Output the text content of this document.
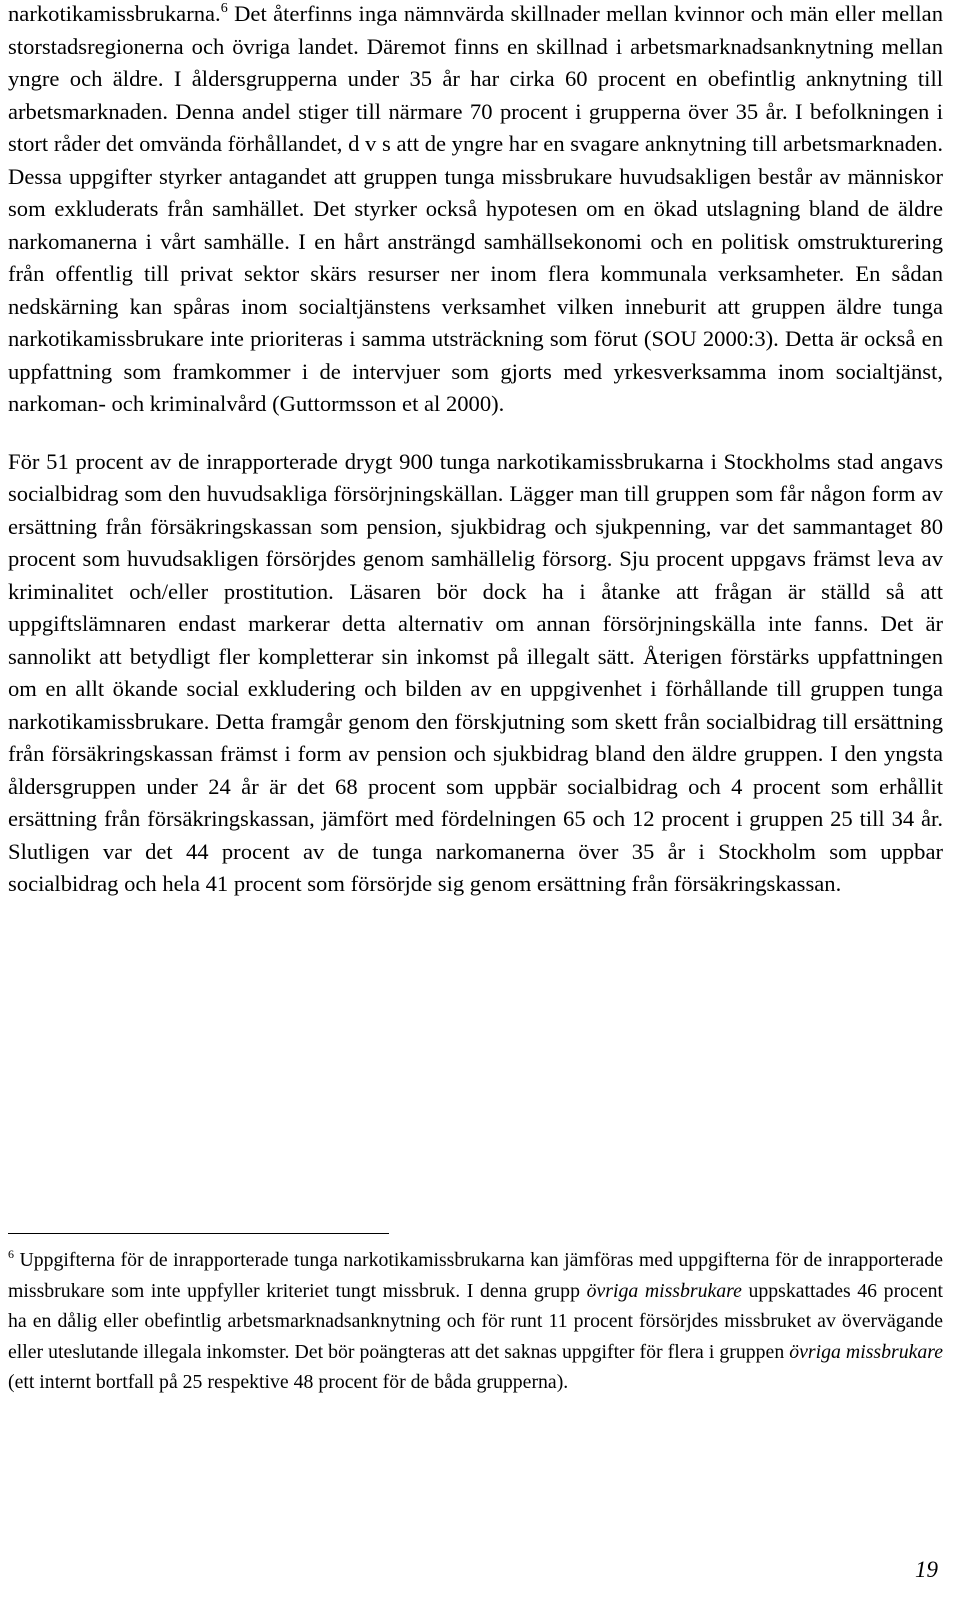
narkotikamissbrukarna.$^6$ Det återfinns inga nämnvärda skillnader mellan kvinnor och män eller mellan storstadsregionerna och övriga landet. Däremot finns en skillnad i arbetsmarknadsanknytning mellan yngre och äldre. I åldersgrupperna under 35 år har cirka 60 procent en obefintlig anknytning till arbetsmarknaden. Denna andel stiger till närmare 70 procent i grupperna över 35 år. I befolkningen i stort råder det omvända förhållandet, d v s att de yngre har en svagare anknytning till arbetsmarknaden. Dessa uppgifter styrker antagandet att gruppen tunga missbrukare huvudsakligen består av människor som exkluderats från samhället. Det styrker också hypotesen om en ökad utslagning bland de äldre narkomanerna i vårt samhälle. I en hårt ansträngd samhällsekonomi och en politisk omstrukturering från offentlig till privat sektor skärs resurser ner inom flera kommunala verksamheter. En sådan nedskärning kan spåras inom socialtjänstens verksamhet vilken inneburit att gruppen äldre tunga narkotikamissbrukare inte prioriteras i samma utsträckning som förut (SOU 2000:3). Detta är också en uppfattning som framkommer i de intervjuer som gjorts med yrkesverksamma inom socialtjänst, narkoman- och kriminalvård (Guttormsson et al 2000).

För 51 procent av de inrapporterade drygt 900 tunga narkotikamissbrukarna i Stockholms stad angavs socialbidrag som den huvudsakliga försörjningskällan. Lägger man till gruppen som får någon form av ersättning från försäkringskassan som pension, sjukbidrag och sjukpenning, var det sammantaget 80 procent som huvudsakligen försörjdes genom samhällelig försorg. Sju procent uppgavs främst leva av kriminalitet och/eller prostitution. Läsaren bör dock ha i åtanke att frågan är ställd så att uppgiftslämnaren endast markerar detta alternativ om annan försörjningskälla inte fanns. Det är sannolikt att betydligt fler kompletterar sin inkomst på illegalt sätt. Återigen förstärks uppfattningen om en allt ökande social exkludering och bilden av en uppgivenhet i förhållande till gruppen tunga narkotikamissbrukare. Detta framgår genom den förskjutning som skett från socialbidrag till ersättning från försäkringskassan främst i form av pension och sjukbidrag bland den äldre gruppen. I den yngsta åldersgruppen under 24 år är det 68 procent som uppbär socialbidrag och 4 procent som erhållit ersättning från försäkringskassan, jämfört med fördelningen 65 och 12 procent i gruppen 25 till 34 år. Slutligen var det 44 procent av de tunga narkomanerna över 35 år i Stockholm som uppbar socialbidrag och hela 41 procent som försörjde sig genom ersättning från försäkringskassan.

$^6$ Uppgifterna för de inrapporterade tunga narkotikamissbrukarna kan jämföras med uppgifterna för de inrapporterade missbrukare som inte uppfyller kriteriet tungt missbruk. I denna grupp övriga missbrukare uppskattades 46 procent ha en dålig eller obefintlig arbetsmarknadsanknytning och för runt 11 procent försörjdes missbruket av övervägande eller uteslutande illegala inkomster. Det bör poängteras att det saknas uppgifter för flera i gruppen övriga missbrukare (ett internt bortfall på 25 respektive 48 procent för de båda grupperna).

19
